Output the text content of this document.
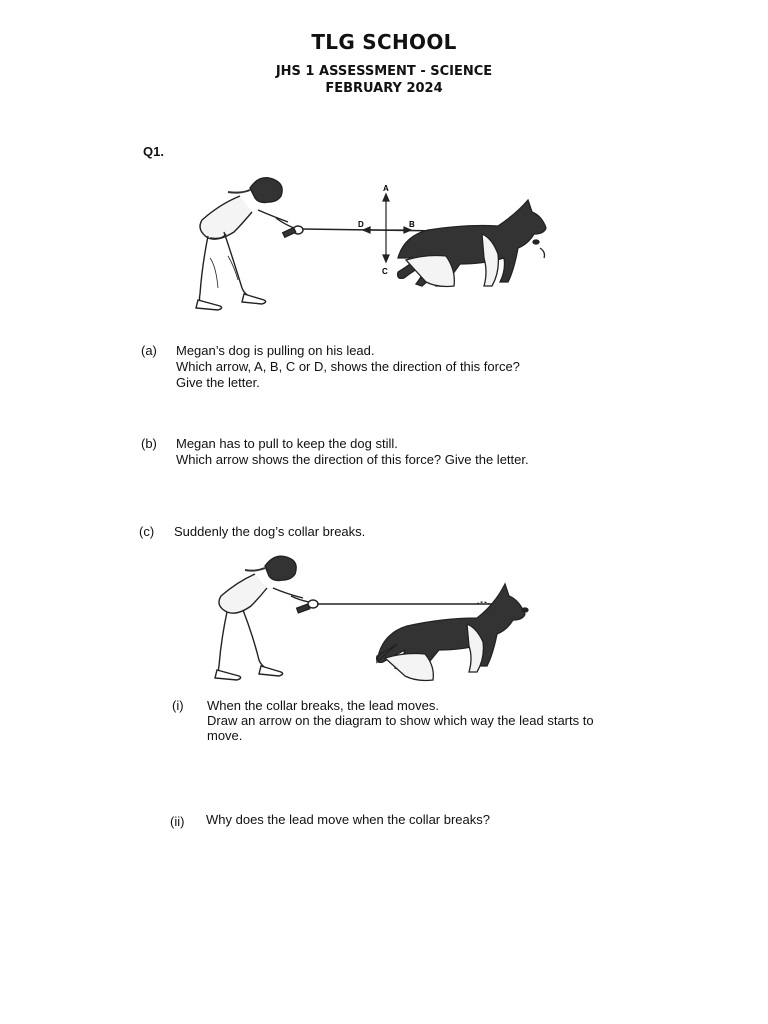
TLG SCHOOL
JHS 1 ASSESSMENT - SCIENCE
FEBRUARY 2024
Q1.
A
B
C
D
(a) Megan’s dog is pulling on his lead.
Which arrow, A, B, C or D, shows the direction of this force?
Give the letter.
(b) Megan has to pull to keep the dog still.
Which arrow shows the direction of this force? Give the letter.
(c) Suddenly the dog’s collar breaks.
(i) When the collar breaks, the lead moves.
Draw an arrow on the diagram to show which way the lead starts to
move.
(ii) Why does the lead move when the collar breaks?
